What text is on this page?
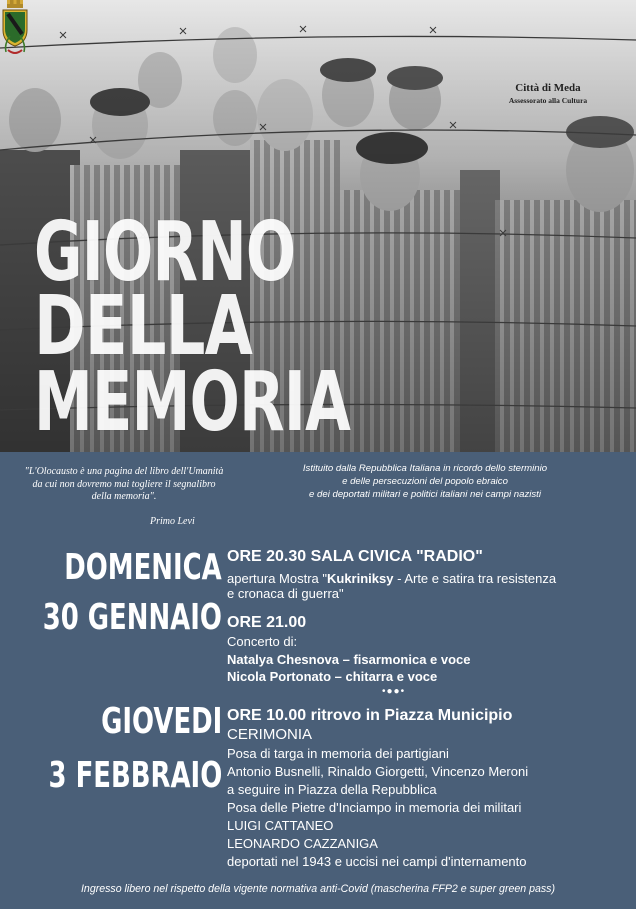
Città di Meda
Assessorato alla Cultura
GIORNO
DELLA
MEMORIA
"L'Olocausto è una pagina del libro dell'Umanità da cui non dovremo mai togliere il segnalibro della memoria".
Primo Levi
Istituito dalla Repubblica Italiana in ricordo dello sterminio
e delle persecuzioni del popolo ebraico
e dei deportati militari e politici italiani nei campi nazisti
DOMENICA
30 GENNAIO
ORE 20.30 SALA CIVICA "RADIO"
apertura Mostra "Kukriniksy - Arte e satira tra resistenza
e cronaca di guerra"
ORE 21.00
Concerto di:
Natalya Chesnova – fisarmonica e voce
Nicola Portonato – chitarra e voce
•●●•
GIOVEDI
3 FEBBRAIO
ORE 10.00 ritrovo in Piazza Municipio
CERIMONIA
Posa di targa in memoria dei partigiani
Antonio Busnelli, Rinaldo Giorgetti, Vincenzo Meroni
a seguire in Piazza della Repubblica
Posa delle Pietre d'Inciampo in memoria dei militari
LUIGI CATTANEO
LEONARDO CAZZANIGA
deportati nel 1943 e uccisi nei campi d'internamento
Ingresso libero nel rispetto della vigente normativa anti-Covid (mascherina FFP2 e super green pass)
